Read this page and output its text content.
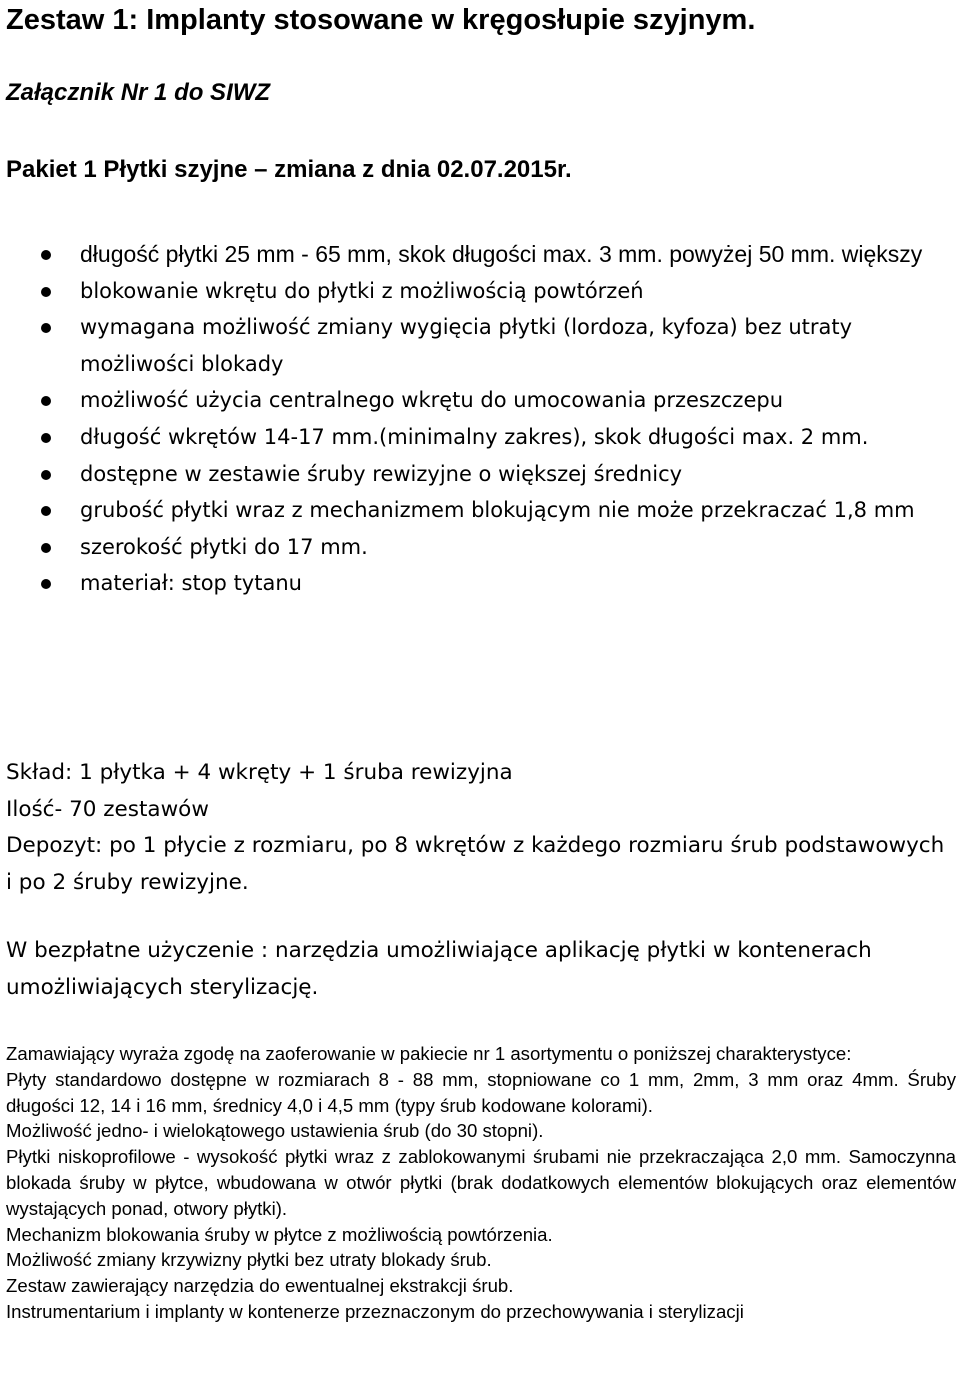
Zestaw 1: Implanty stosowane w kręgosłupie szyjnym.
Załącznik Nr 1 do SIWZ
Pakiet 1 Płytki szyjne – zmiana z dnia 02.07.2015r.
długość płytki 25 mm - 65 mm, skok długości max. 3 mm. powyżej 50 mm. większy
blokowanie wkrętu do płytki z możliwością powtórzeń
wymagana możliwość zmiany wygięcia płytki (lordoza, kyfoza) bez utraty możliwości blokady
możliwość użycia centralnego wkrętu do umocowania przeszczepu
długość wkrętów 14-17 mm.(minimalny zakres), skok długości max. 2 mm.
dostępne w zestawie śruby rewizyjne o większej średnicy
grubość płytki wraz z mechanizmem blokującym nie może przekraczać 1,8 mm
szerokość płytki do 17 mm.
materiał: stop tytanu
Skład: 1 płytka + 4 wkręty + 1 śruba rewizyjna
Ilość- 70 zestawów
Depozyt: po 1 płycie z rozmiaru, po 8 wkrętów z każdego rozmiaru śrub podstawowych i po 2 śruby rewizyjne.
W bezpłatne użyczenie : narzędzia umożliwiające aplikację płytki w kontenerach umożliwiających sterylizację.

Zamawiający wyraża zgodę na zaoferowanie w pakiecie nr 1 asortymentu o poniższej charakterystyce:

Płyty standardowo dostępne w rozmiarach 8 - 88 mm, stopniowane co 1 mm, 2mm, 3 mm oraz 4mm. Śruby długości 12, 14 i 16 mm, średnicy 4,0 i 4,5 mm (typy śrub kodowane kolorami).

Możliwość jedno- i wielokątowego ustawienia śrub (do 30 stopni).

Płytki niskoprofilowe - wysokość płytki wraz z zablokowanymi śrubami nie przekraczająca 2,0 mm. Samoczynna blokada śruby w płytce, wbudowana w otwór płytki (brak dodatkowych elementów blokujących oraz elementów wystających ponad, otwory płytki).

Mechanizm blokowania śruby w płytce z możliwością powtórzenia.

Możliwość zmiany krzywizny płytki bez utraty blokady śrub.

Zestaw zawierający narzędzia do ewentualnej ekstrakcji śrub.

Instrumentarium i implanty w kontenerze przeznaczonym do przechowywania i sterylizacji
